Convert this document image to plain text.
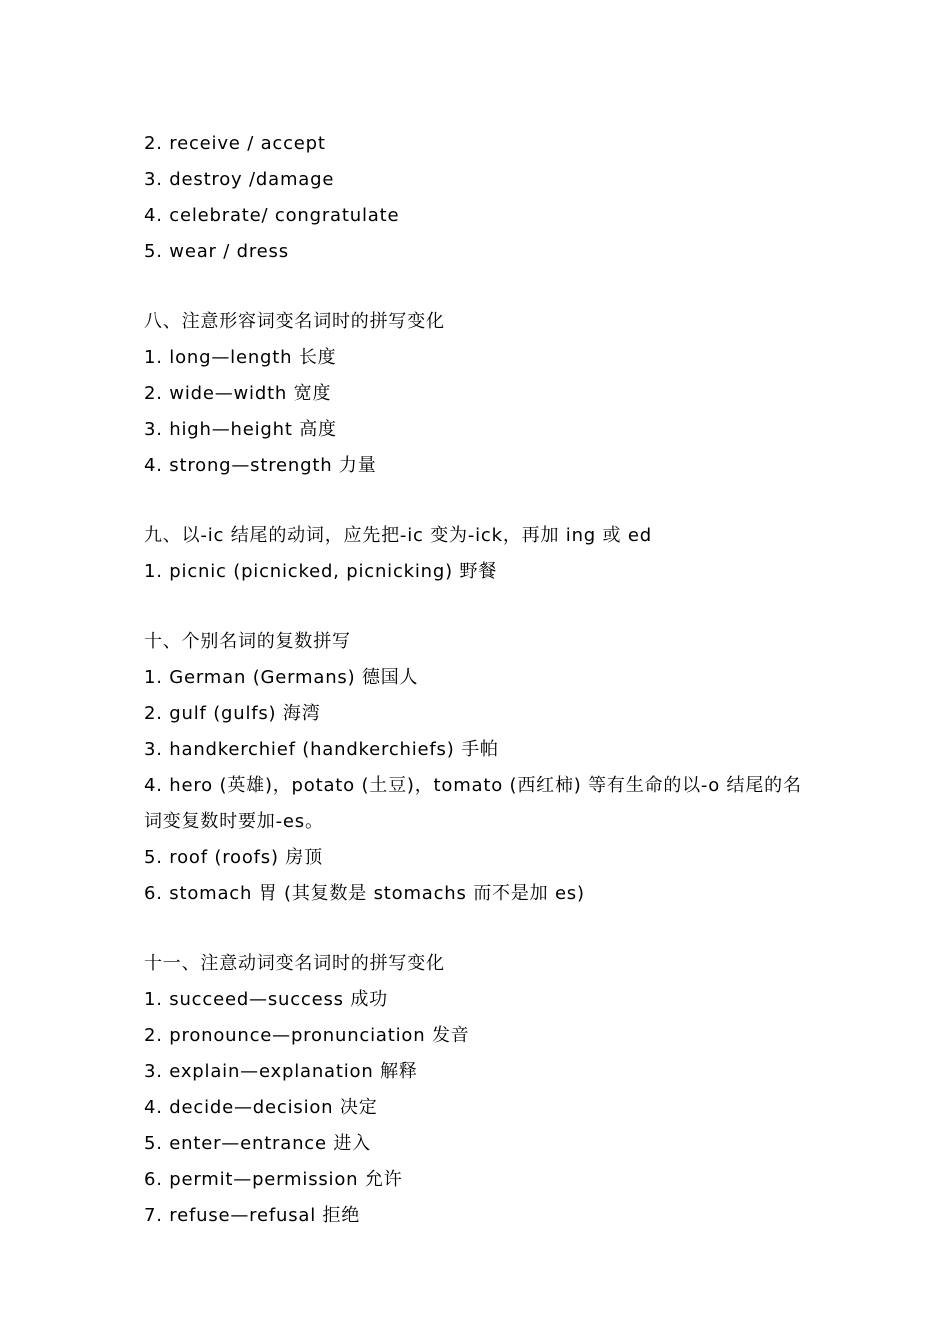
2. receive / accept
3. destroy /damage
4. celebrate/ congratulate
5. wear / dress
八、注意形容词变名词时的拼写变化
1. long—length 长度
2. wide—width 宽度
3. high—height 高度
4. strong—strength 力量
九、以-ic 结尾的动词，应先把-ic 变为-ick，再加 ing 或 ed
1. picnic (picnicked, picnicking) 野餐
十、个别名词的复数拼写
1. German (Germans) 德国人
2. gulf (gulfs) 海湾
3. handkerchief (handkerchiefs) 手帕
4. hero (英雄)，potato (土豆)，tomato (西红柿) 等有生命的以-o 结尾的名词变复数时要加-es。
5. roof (roofs) 房顶
6. stomach 胃 (其复数是 stomachs 而不是加 es)
十一、注意动词变名词时的拼写变化
1. succeed—success 成功
2. pronounce—pronunciation 发音
3. explain—explanation 解释
4. decide—decision 决定
5. enter—entrance 进入
6. permit—permission 允许
7. refuse—refusal 拒绝
